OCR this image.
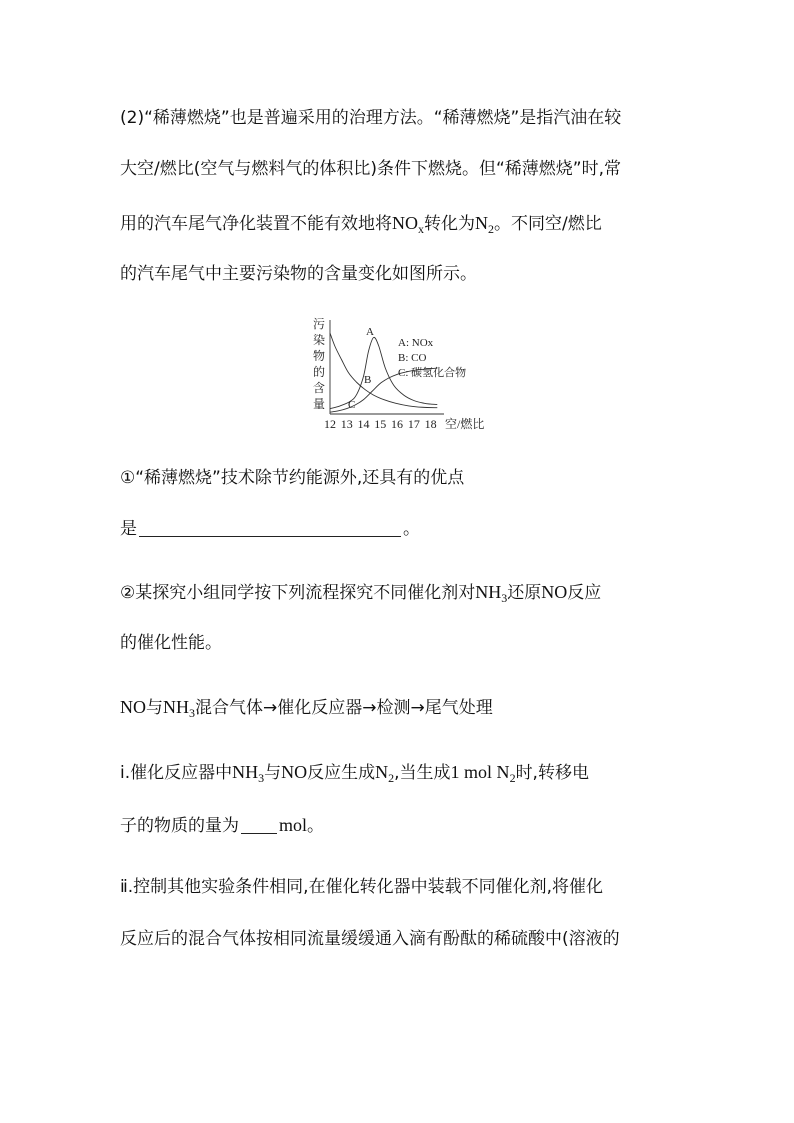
(2)“稀薄燃烧”也是普遍采用的治理方法。“稀薄燃烧”是指汽油在较
大空/燃比(空气与燃料气的体积比)条件下燃烧。但“稀薄燃烧”时,常
用的汽车尾气净化装置不能有效地将$NO_x$转化为$N_2$。不同空/燃比
的汽车尾气中主要污染物的含量变化如图所示。
污
染
物
的
含
量
12 13 14 15 16 17 18 空/燃比
A
B
C
A: NOx
B: CO
C: 碳氢化合物
①“稀薄燃烧”技术除节约能源外,还具有的优点
是	。
②某探究小组同学按下列流程探究不同催化剂对$NH_3$还原NO反应
的催化性能。
NO与$NH_3$混合气体→催化反应器→检测→尾气处理
ⅰ.催化反应器中$NH_3$与NO反应生成$N_2$,当生成1 mol $N_2$时,转移电
子的物质的量为 mol。
ⅱ.控制其他实验条件相同,在催化转化器中装载不同催化剂,将催化
反应后的混合气体按相同流量缓缓通入滴有酚酞的稀硫酸中(溶液的
